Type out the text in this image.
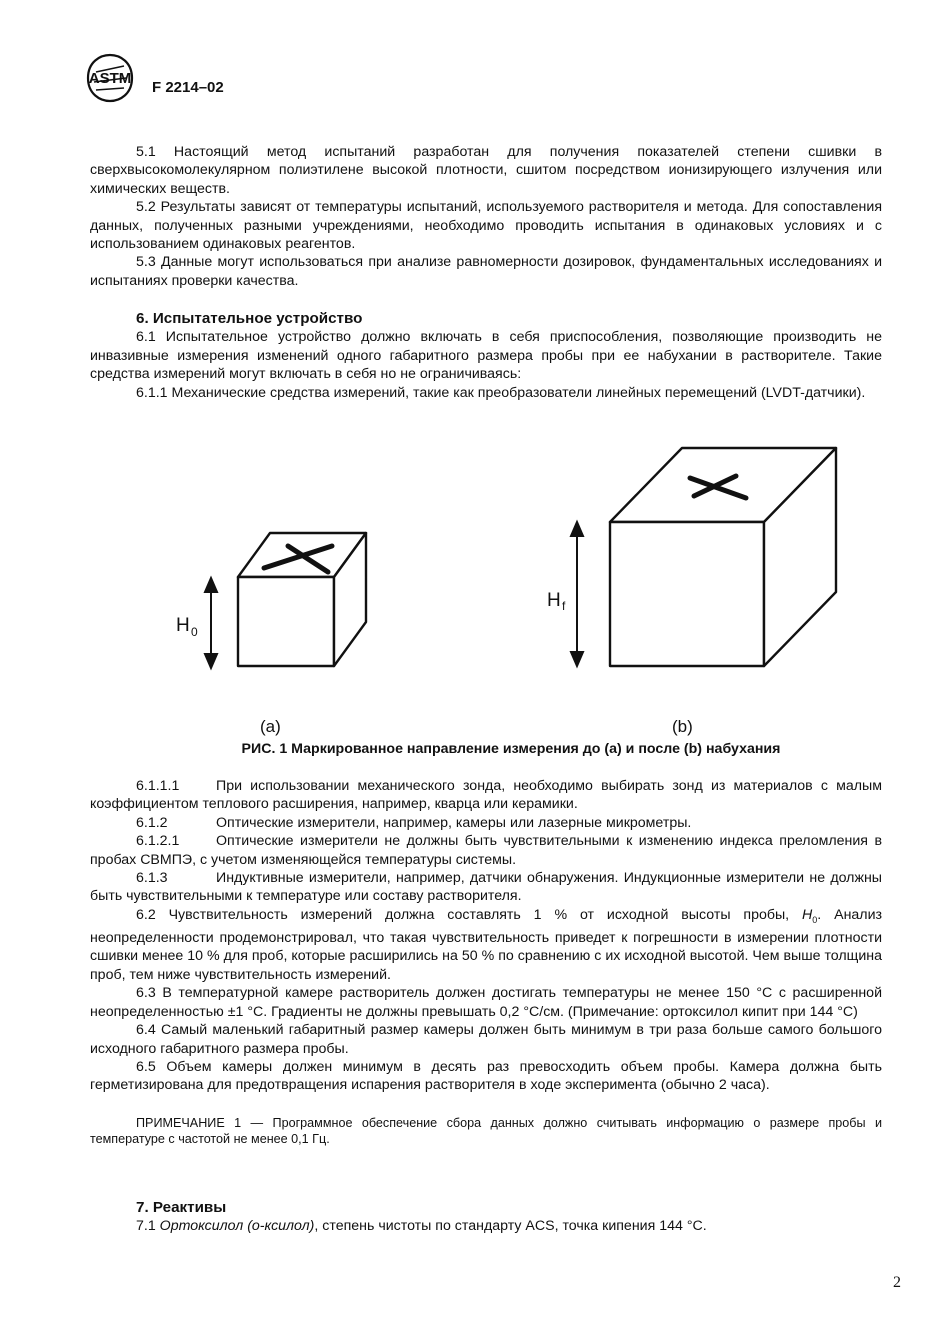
ASTM
F 2214–02

5.1 Настоящий метод испытаний разработан для получения показателей степени сшивки в сверхвысокомолекулярном полиэтилене высокой плотности, сшитом посредством ионизирующего излучения или химических веществ.

5.2 Результаты зависят от температуры испытаний, используемого растворителя и метода. Для сопоставления данных, полученных разными учреждениями, необходимо проводить испытания в одинаковых условиях и с использованием одинаковых реагентов.

5.3 Данные могут использоваться при анализе равномерности дозировок, фундаментальных исследованиях и испытаниях проверки качества.

6. Испытательное устройство

6.1 Испытательное устройство должно включать в себя приспособления, позволяющие производить не инвазивные измерения изменений одного габаритного размера пробы при ее набухании в растворителе. Такие средства измерений могут включать в себя но не ограничиваясь:

6.1.1 Механические средства измерений, такие как преобразователи линейных перемещений (LVDT-датчики).

H 0
H f
(a)	(b)
РИС. 1 Маркированное направление измерения до (а) и после (b) набухания

6.1.1.1	При использовании механического зонда, необходимо выбирать зонд из материалов с малым коэффициентом теплового расширения, например, кварца или керамики.

6.1.2	Оптические измерители, например, камеры или лазерные микрометры.

6.1.2.1	Оптические измерители не должны быть чувствительными к изменению индекса преломления в пробах СВМПЭ, с учетом изменяющейся температуры системы.

6.1.3	Индуктивные измерители, например, датчики обнаружения. Индукционные измерители не должны быть чувствительными к температуре или составу растворителя.

6.2 Чувствительность измерений должна составлять 1 % от исходной высоты пробы, $H_0$. Анализ неопределенности продемонстрировал, что такая чувствительность приведет к погрешности в измерении плотности сшивки менее 10 % для проб, которые расширились на 50 % по сравнению с их исходной высотой. Чем выше толщина проб, тем ниже чувствительность измерений.

6.3 В температурной камере растворитель должен достигать температуры не менее 150 °C с расширенной неопределенностью ±1 °C. Градиенты не должны превышать 0,2 °C/см. (Примечание: ортоксилол кипит при 144 °C)

6.4 Самый маленький габаритный размер камеры должен быть минимум в три раза больше самого большого исходного габаритного размера пробы.

6.5 Объем камеры должен минимум в десять раз превосходить объем пробы. Камера должна быть герметизирована для предотвращения испарения растворителя в ходе эксперимента (обычно 2 часа).

ПРИМЕЧАНИЕ 1 — Программное обеспечение сбора данных должно считывать информацию о размере пробы и температуре с частотой не менее 0,1 Гц.

7. Реактивы

7.1 Ортоксилол (о-ксилол), степень чистоты по стандарту ACS, точка кипения 144 °C.

2
